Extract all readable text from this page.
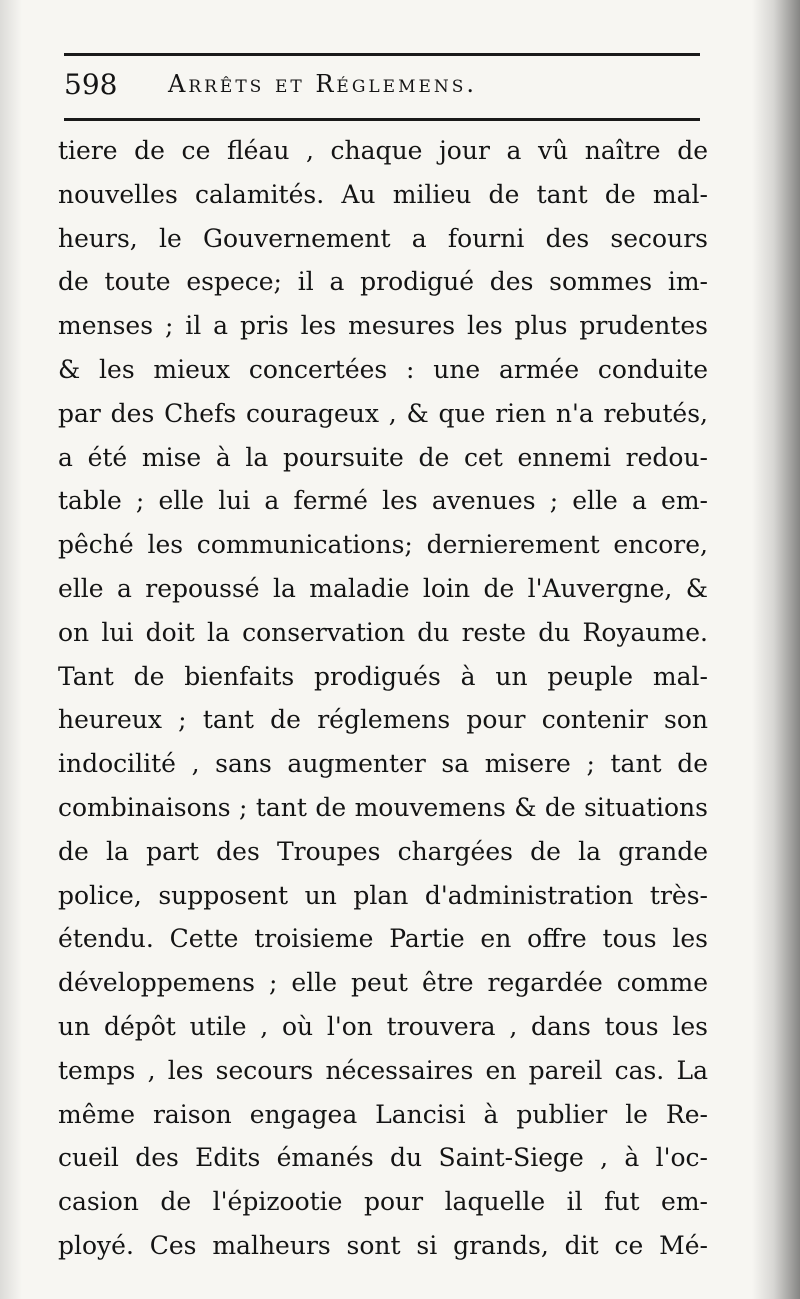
598 Arrêts et Réglemens.
tiere de ce fléau , chaque jour a vû naître de
nouvelles calamités. Au milieu de tant de mal-
heurs, le Gouvernement a fourni des secours
de toute espece; il a prodigué des sommes im-
menses ; il a pris les mesures les plus prudentes
& les mieux concertées : une armée conduite
par des Chefs courageux , & que rien n'a rebutés,
a été mise à la poursuite de cet ennemi redou-
table ; elle lui a fermé les avenues ; elle a em-
pêché les communications; dernierement encore,
elle a repoussé la maladie loin de l'Auvergne, &
on lui doit la conservation du reste du Royaume.
Tant de bienfaits prodigués à un peuple mal-
heureux ; tant de réglemens pour contenir son
indocilité , sans augmenter sa misere ; tant de
combinaisons ; tant de mouvemens & de situations
de la part des Troupes chargées de la grande
police, supposent un plan d'administration très-
étendu. Cette troisieme Partie en offre tous les
développemens ; elle peut être regardée comme
un dépôt utile , où l'on trouvera , dans tous les
temps , les secours nécessaires en pareil cas. La
même raison engagea Lancisi à publier le Re-
cueil des Edits émanés du Saint-Siege , à l'oc-
casion de l'épizootie pour laquelle il fut em-
ployé. Ces malheurs sont si grands, dit ce Mé-
